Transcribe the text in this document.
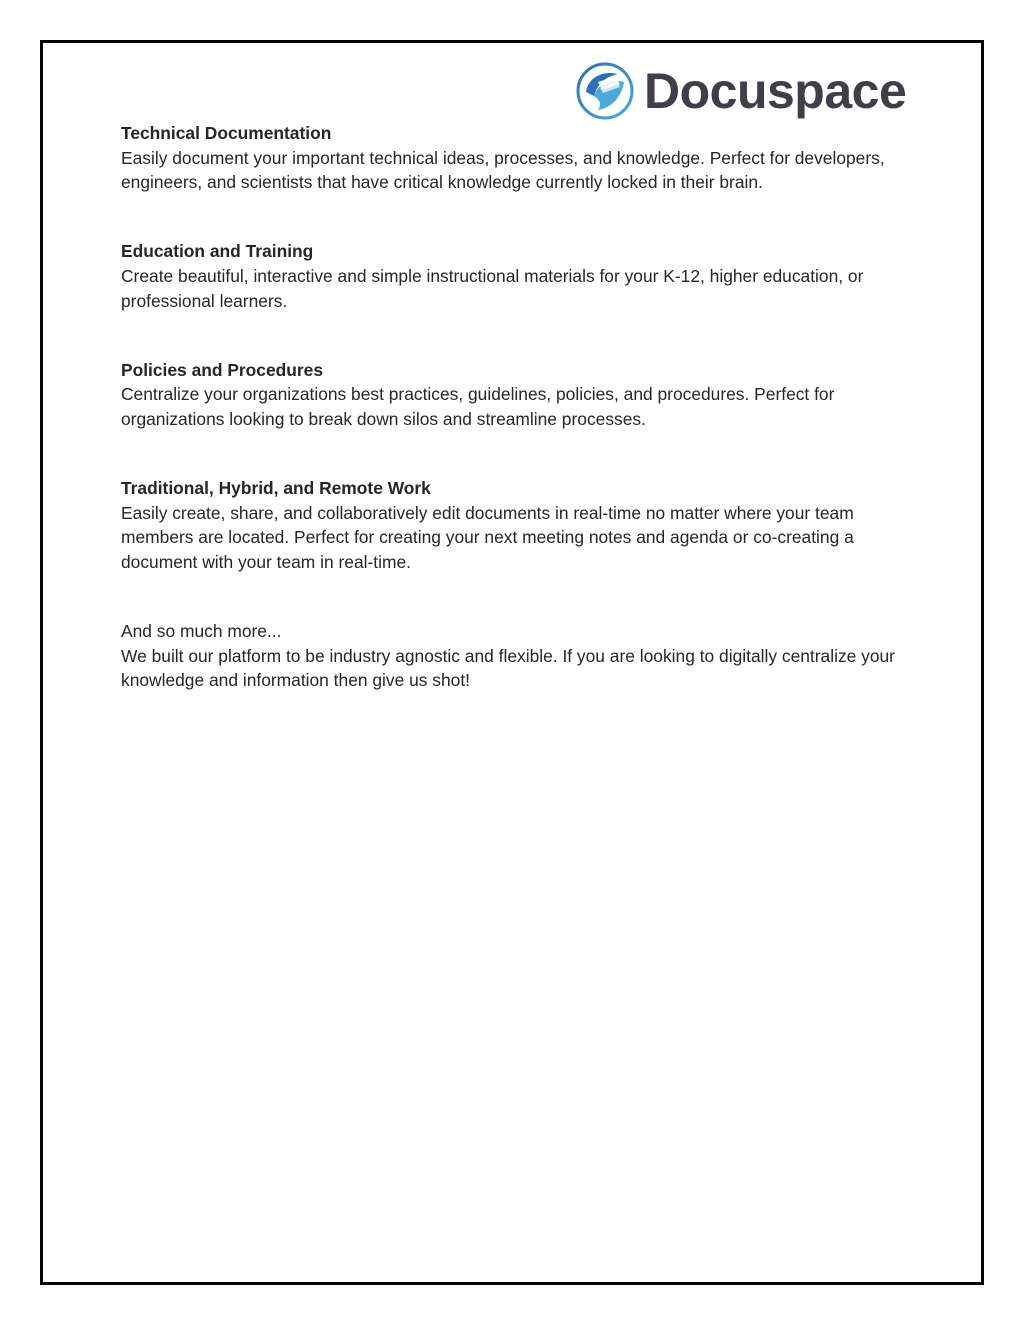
Docuspace

Technical Documentation

Easily document your important technical ideas, processes, and knowledge. Perfect for developers, engineers, and scientists that have critical knowledge currently locked in their brain.

Education and Training

Create beautiful, interactive and simple instructional materials for your K-12, higher education, or professional learners.

Policies and Procedures

Centralize your organizations best practices, guidelines, policies, and procedures. Perfect for organizations looking to break down silos and streamline processes.

Traditional, Hybrid, and Remote Work

Easily create, share, and collaboratively edit documents in real-time no matter where your team members are located. Perfect for creating your next meeting notes and agenda or co-creating a document with your team in real-time.

And so much more...

We built our platform to be industry agnostic and flexible. If you are looking to digitally centralize your knowledge and information then give us shot!
